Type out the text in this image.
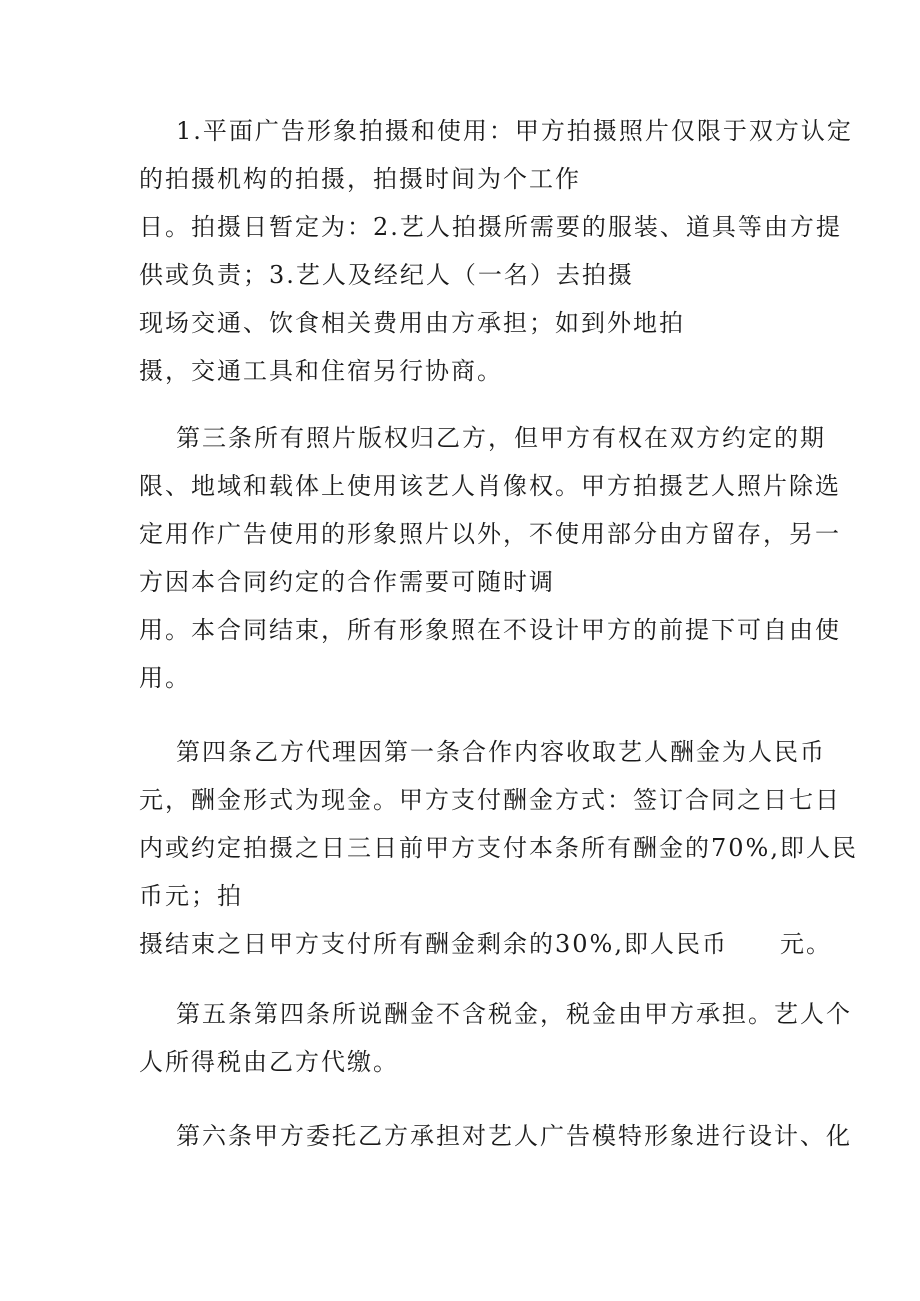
1.平面广告形象拍摄和使用：甲方拍摄照片仅限于双方认定
的拍摄机构的拍摄，拍摄时间为个工作
日。拍摄日暂定为：2.艺人拍摄所需要的服装、道具等由方提
供或负责；3.艺人及经纪人（一名）去拍摄
现场交通、饮食相关费用由方承担；如到外地拍
摄，交通工具和住宿另行协商。
第三条所有照片版权归乙方，但甲方有权在双方约定的期
限、地域和载体上使用该艺人肖像权。甲方拍摄艺人照片除选
定用作广告使用的形象照片以外，不使用部分由方留存，另一
方因本合同约定的合作需要可随时调
用。本合同结束，所有形象照在不设计甲方的前提下可自由使
用。
第四条乙方代理因第一条合作内容收取艺人酬金为人民币
元，酬金形式为现金。甲方支付酬金方式：签订合同之日七日
内或约定拍摄之日三日前甲方支付本条所有酬金的70%,即人民
币元；拍
摄结束之日甲方支付所有酬金剩余的30%,即人民币　　元。
第五条第四条所说酬金不含税金，税金由甲方承担。艺人个
人所得税由乙方代缴。
第六条甲方委托乙方承担对艺人广告模特形象进行设计、化
